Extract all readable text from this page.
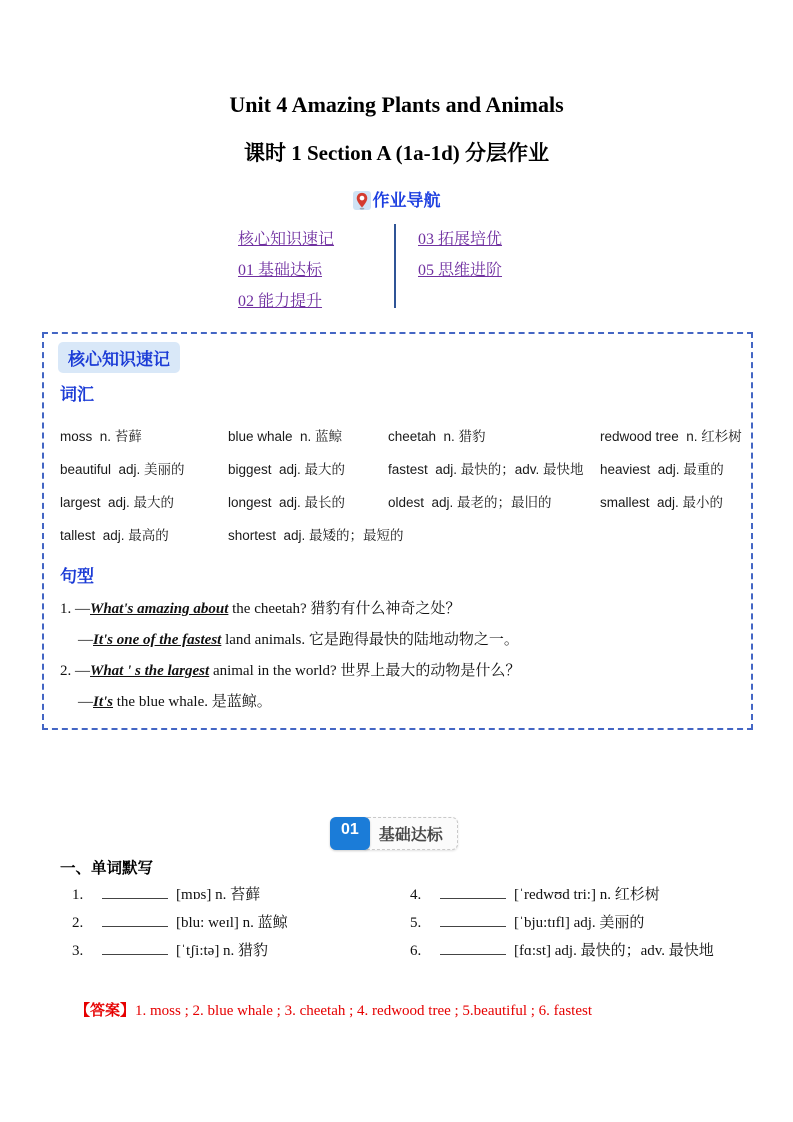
Unit 4 Amazing Plants and Animals
课时 1 Section A (1a-1d) 分层作业
作业导航
核心知识速记
01 基础达标
02 能力提升
03 拓展培优
05 思维进阶
核心知识速记
词汇
moss  n. 苔藓	blue whale  n. 蓝鲸	cheetah  n. 猎豹	redwood tree  n. 红杉树
beautiful  adj. 美丽的	biggest  adj. 最大的	fastest  adj. 最快的；adv. 最快地	heaviest  adj. 最重的
largest  adj. 最大的	longest  adj. 最长的	oldest  adj. 最老的；最旧的	smallest  adj. 最小的
tallest  adj. 最高的	shortest  adj. 最矮的；最短的
句型
1. —What's amazing about the cheetah? 猎豹有什么神奇之处？
—It's one of the fastest land animals. 它是跑得最快的陆地动物之一。
2. —What ' s the largest animal in the world? 世界上最大的动物是什么？
—It's the blue whale. 是蓝鲸。
01	基础达标
一、单词默写
1.	[mɒs] n. 苔藓
2.	[blu: weɪl] n. 蓝鲸
3.	[ˈtʃi:tə] n. 猎豹
4.	[ˈredwʊd tri:] n. 红杉树
5.	[ˈbju:tɪfl] adj. 美丽的
6.	[fɑ:st] adj. 最快的；adv. 最快地

【答案】1. moss ; 2. blue whale ; 3. cheetah ; 4. redwood tree ; 5.beautiful ; 6. fastest
